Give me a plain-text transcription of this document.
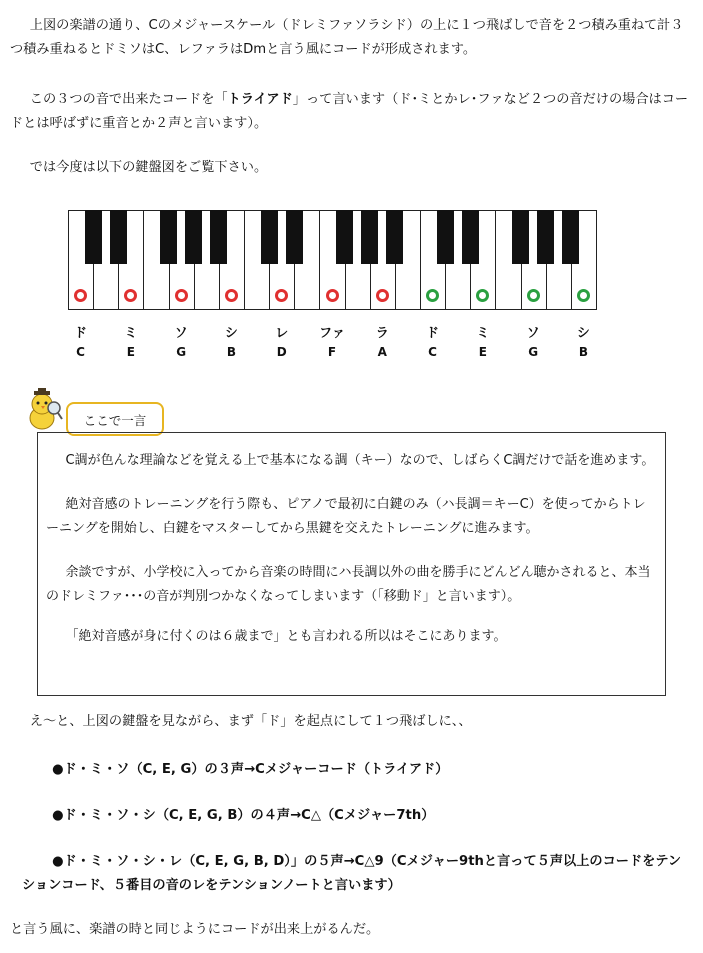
上図の楽譜の通り、Cのメジャースケール（ドレミファソラシド）の上に１つ飛ばしで音を２つ積み重ねて計３つ積み重ねるとドミソはC、レファラはDmと言う風にコードが形成されます。

この３つの音で出来たコードを「トライアド」って言います（ド･ミとかレ･ファなど２つの音だけの場合はコードとは呼ばずに重音とか２声と言います）。

では今度は以下の鍵盤図をご覧下さい。

ド
C
ミ
E
ソ
G
シ
B
レ
D
ファ
F
ラ
A
ド
C
ミ
E
ソ
G
シ
B
ここで一言

C調が色んな理論などを覚える上で基本になる調（キー）なので、しばらくC調だけで話を進めます。

絶対音感のトレーニングを行う際も、ピアノで最初に白鍵のみ（ハ長調＝キーC）を使ってからトレーニングを開始し、白鍵をマスターしてから黒鍵を交えたトレーニングに進みます。

余談ですが、小学校に入ってから音楽の時間にハ長調以外の曲を勝手にどんどん聴かされると、本当のドレミファ･･･の音が判別つかなくなってしまいます（「移動ド」と言います）。

「絶対音感が身に付くのは６歳まで」とも言われる所以はそこにあります。

え～と、上図の鍵盤を見ながら、まず「ド」を起点にして１つ飛ばしに、、

●ド・ミ・ソ（C, E, G）の３声→Cメジャーコード（トライアド）

●ド・ミ・ソ・シ（C, E, G, B）の４声→C△（Cメジャー7th）

●ド・ミ・ソ・シ・レ（C, E, G, B, D）」の５声→C△9（Cメジャー9thと言って５声以上のコードをテンションコード、５番目の音のレをテンションノートと言います）

と言う風に、楽譜の時と同じようにコードが出来上がるんだ。
